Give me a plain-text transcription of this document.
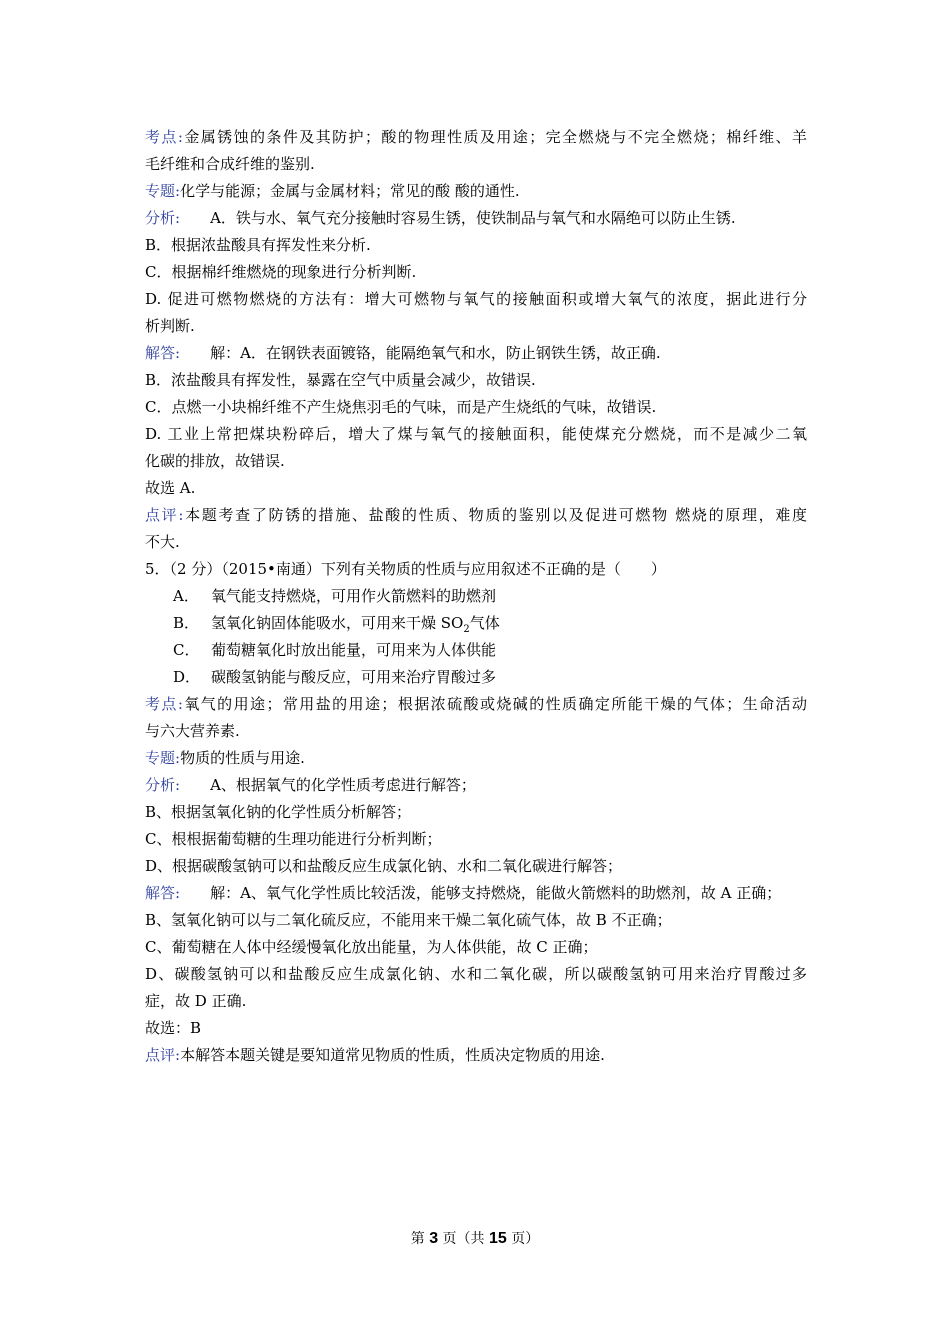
考点:金属锈蚀的条件及其防护；酸的物理性质及用途；完全燃烧与不完全燃烧；棉纤维、羊
毛纤维和合成纤维的鉴别.
专题:化学与能源；金属与金属材料；常见的酸 酸的通性.
分析: A．铁与水、氧气充分接触时容易生锈，使铁制品与氧气和水隔绝可以防止生锈.
B．根据浓盐酸具有挥发性来分析.
C．根据棉纤维燃烧的现象进行分析判断.
D. 促进可燃物燃烧的方法有：增大可燃物与氧气的接触面积或增大氧气的浓度，据此进行分
析判断.
解答: 解：A．在钢铁表面镀铬，能隔绝氧气和水，防止钢铁生锈，故正确.
B．浓盐酸具有挥发性，暴露在空气中质量会减少，故错误.
C．点燃一小块棉纤维不产生烧焦羽毛的气味，而是产生烧纸的气味，故错误.
D. 工业上常把煤块粉碎后，增大了煤与氧气的接触面积，能使煤充分燃烧，而不是减少二氧
化碳的排放，故错误.
故选 A.
点评:本题考查了防锈的措施、盐酸的性质、物质的鉴别以及促进可燃物 燃烧的原理，难度
不大.
5．（2 分）（2015•南通）下列有关物质的性质与应用叙述不正确的是（　　）
A． 氧气能支持燃烧，可用作火箭燃料的助燃剂
B． 氢氧化钠固体能吸水，可用来干燥 $SO_2$气体
C． 葡萄糖氧化时放出能量，可用来为人体供能
D． 碳酸氢钠能与酸反应，可用来治疗胃酸过多
考点:氧气的用途；常用盐的用途；根据浓硫酸或烧碱的性质确定所能干燥的气体；生命活动
与六大营养素.
专题:物质的性质与用途.
分析: A、根据氧气的化学性质考虑进行解答；
B、根据氢氧化钠的化学性质分析解答；
C、根根据葡萄糖的生理功能进行分析判断；
D、根据碳酸氢钠可以和盐酸反应生成氯化钠、水和二氧化碳进行解答；
解答: 解：A、氧气化学性质比较活泼，能够支持燃烧，能做火箭燃料的助燃剂，故 A 正确；
B、氢氧化钠可以与二氧化硫反应，不能用来干燥二氧化硫气体，故 B 不正确；
C、葡萄糖在人体中经缓慢氧化放出能量，为人体供能，故 C 正确；
D、碳酸氢钠可以和盐酸反应生成氯化钠、水和二氧化碳，所以碳酸氢钠可用来治疗胃酸过多
症，故 D 正确.
故选：B
点评:本解答本题关键是要知道常见物质的性质，性质决定物质的用途.
第 3 页（共 15 页）
